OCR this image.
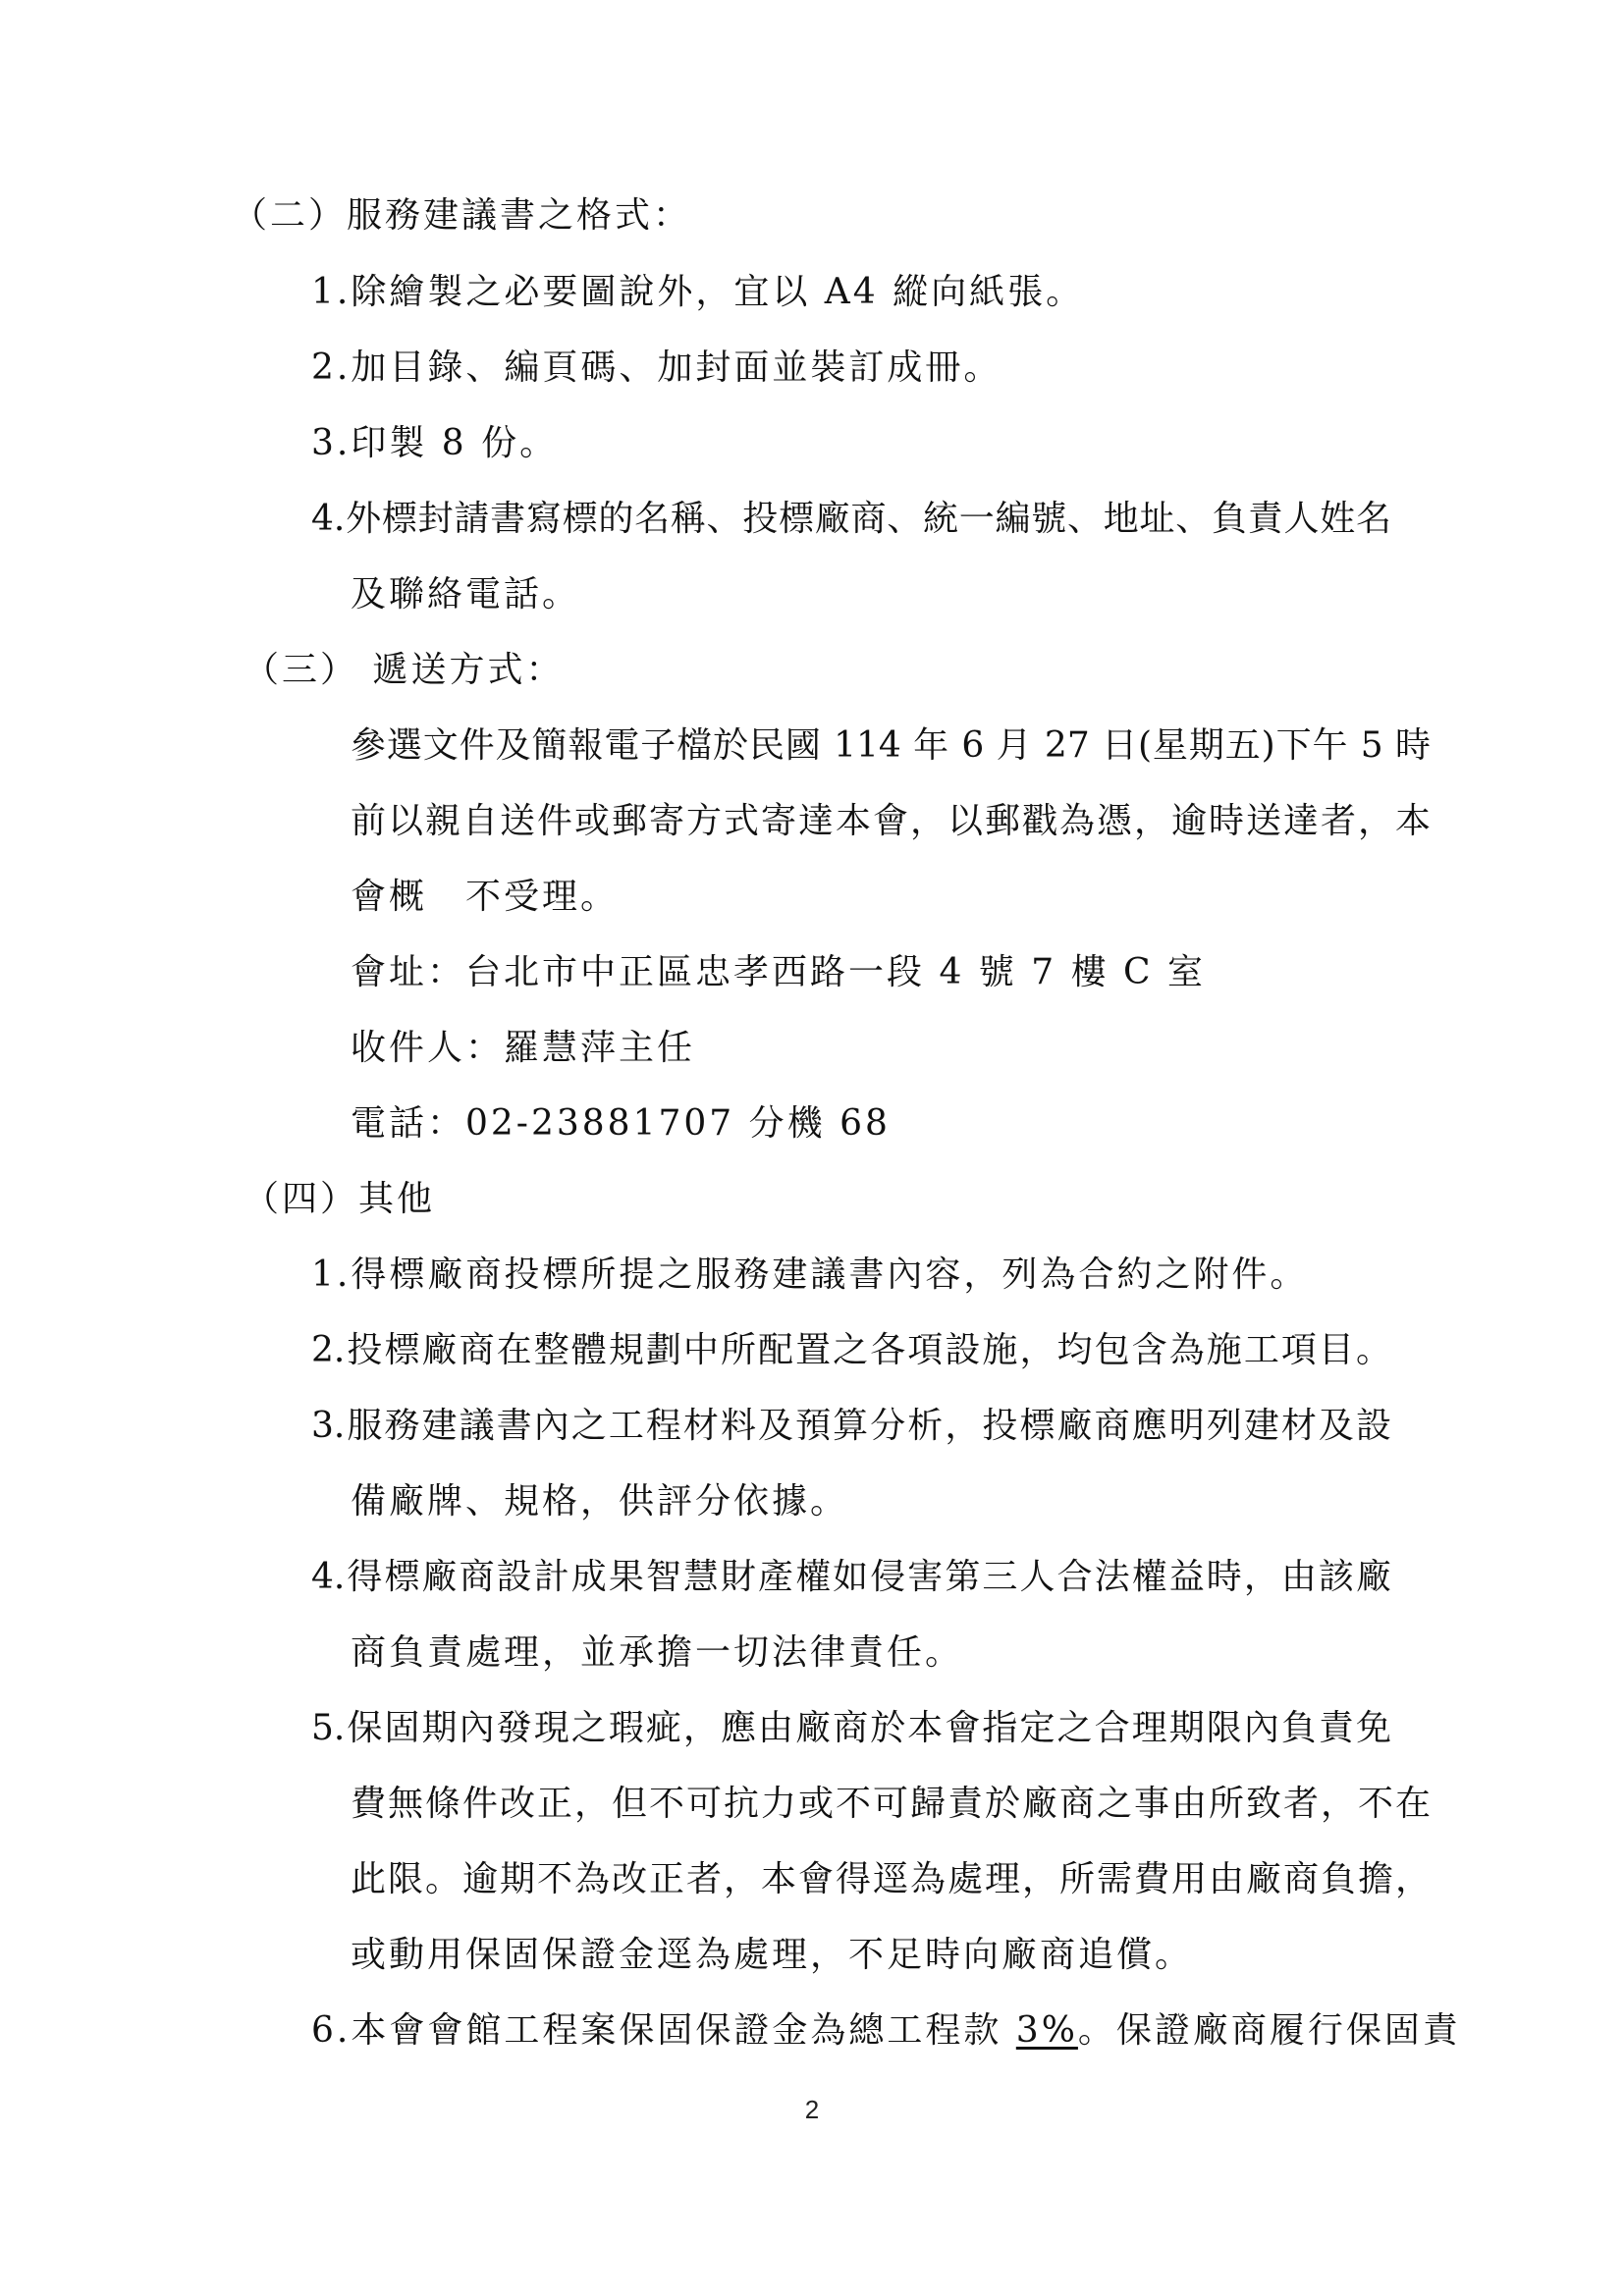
（二）服務建議書之格式：
1.除繪製之必要圖說外，宜以 A4 縱向紙張。
2.加目錄、編頁碼、加封面並裝訂成冊。
3.印製 8 份。
4.外標封請書寫標的名稱、投標廠商、統一編號、地址、負責人姓名
及聯絡電話。
（三） 遞送方式：
參選文件及簡報電子檔於民國 114 年 6 月 27 日(星期五)下午 5 時
前以親自送件或郵寄方式寄達本會，以郵戳為憑，逾時送達者，本
會概　不受理。
會址：台北市中正區忠孝西路一段 4 號 7 樓 C 室
收件人：羅慧萍主任
電話：02-23881707 分機 68
（四）其他
1.得標廠商投標所提之服務建議書內容，列為合約之附件。
2.投標廠商在整體規劃中所配置之各項設施，均包含為施工項目。
3.服務建議書內之工程材料及預算分析，投標廠商應明列建材及設
備廠牌、規格，供評分依據。
4.得標廠商設計成果智慧財產權如侵害第三人合法權益時，由該廠
商負責處理，並承擔一切法律責任。
5.保固期內發現之瑕疵，應由廠商於本會指定之合理期限內負責免
費無條件改正，但不可抗力或不可歸責於廠商之事由所致者，不在
此限。逾期不為改正者，本會得逕為處理，所需費用由廠商負擔，
或動用保固保證金逕為處理，不足時向廠商追償。
6.本會會館工程案保固保證金為總工程款 3%。保證廠商履行保固責
2
